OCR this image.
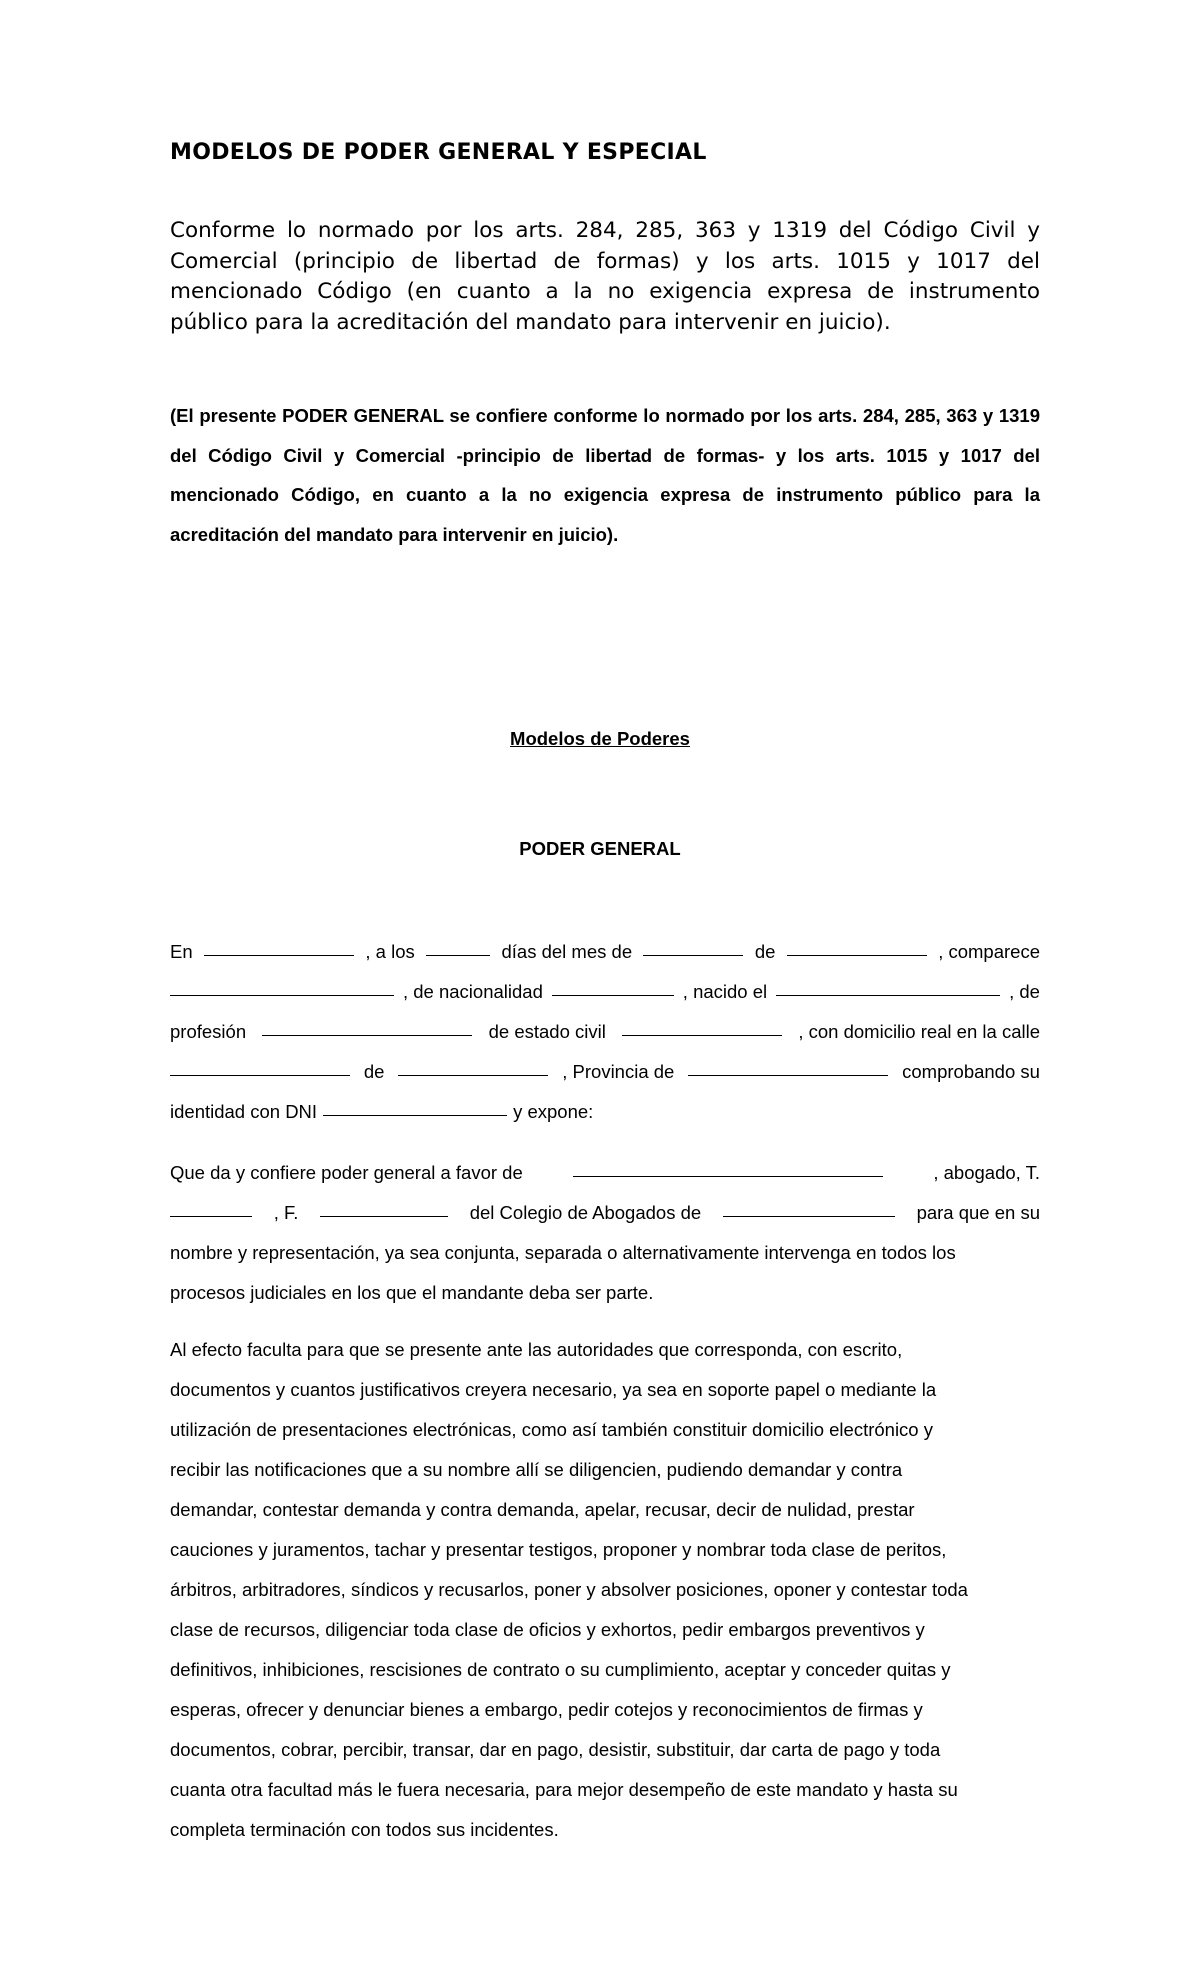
MODELOS DE PODER GENERAL Y ESPECIAL

Conforme lo normado por los arts. 284, 285, 363 y 1319 del Código Civil y Comercial (principio de libertad de formas) y los arts. 1015 y 1017 del mencionado Código (en cuanto a la no exigencia expresa de instrumento público para la acreditación del mandato para intervenir en juicio).

(El presente PODER GENERAL se confiere conforme lo normado por los arts. 284, 285, 363 y 1319 del Código Civil y Comercial -principio de libertad de formas- y los arts. 1015 y 1017 del mencionado Código, en cuanto a la no exigencia expresa de instrumento público para la acreditación del mandato para intervenir en juicio).

Modelos de Poderes
PODER GENERAL
En	, a los	días del mes de	de	, comparece
, de nacionalidad	, nacido el	, de
profesión	de estado civil	, con domicilio real en la calle
de	, Provincia de	comprobando su
identidad con DNI	y expone:
Que da y confiere poder general a favor de	, abogado, T.
, F.	del Colegio de Abogados de	para que en su
nombre y representación, ya sea conjunta, separada o alternativamente intervenga en todos los
procesos judiciales en los que el mandante deba ser parte.
Al efecto faculta para que se presente ante las autoridades que corresponda, con escrito,
documentos y cuantos justificativos creyera necesario, ya sea en soporte papel o mediante la
utilización de presentaciones electrónicas, como así también constituir domicilio electrónico y
recibir las notificaciones que a su nombre allí se diligencien, pudiendo demandar y contra
demandar, contestar demanda y contra demanda, apelar, recusar, decir de nulidad, prestar
cauciones y juramentos, tachar y presentar testigos, proponer y nombrar toda clase de peritos,
árbitros, arbitradores, síndicos y recusarlos, poner y absolver posiciones, oponer y contestar toda
clase de recursos, diligenciar toda clase de oficios y exhortos, pedir embargos preventivos y
definitivos, inhibiciones, rescisiones de contrato o su cumplimiento, aceptar y conceder quitas y
esperas, ofrecer y denunciar bienes a embargo, pedir cotejos y reconocimientos de firmas y
documentos, cobrar, percibir, transar, dar en pago, desistir, substituir, dar carta de pago y toda
cuanta otra facultad más le fuera necesaria, para mejor desempeño de este mandato y hasta su
completa terminación con todos sus incidentes.
